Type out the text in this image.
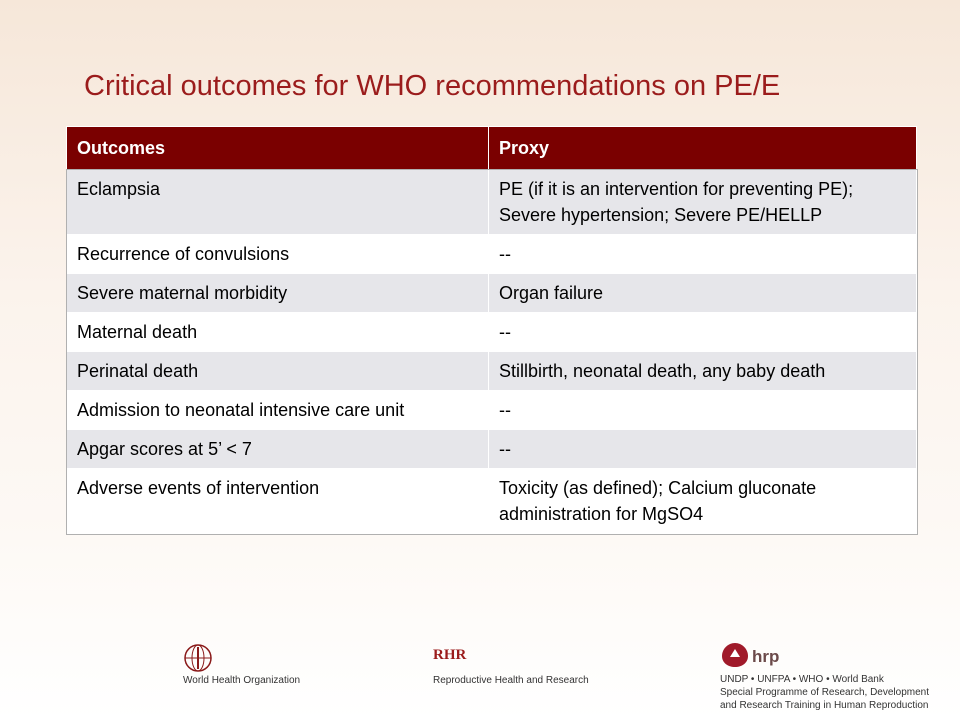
Critical outcomes for WHO recommendations on PE/E
Outcomes	Proxy
Eclampsia	PE (if it is an intervention for preventing PE); Severe hypertension; Severe PE/HELLP
Recurrence of convulsions	--
Severe maternal morbidity	Organ failure
Maternal death	--
Perinatal death	Stillbirth, neonatal death, any baby death
Admission to neonatal intensive care unit	--
Apgar scores at 5’ < 7	--
Adverse events of intervention	Toxicity (as defined); Calcium gluconate administration for MgSO4
World Health Organization
RHR
Reproductive Health and Research
hrp
UNDP • UNFPA • WHO • World Bank
Special Programme of Research, Development
and Research Training in Human Reproduction
